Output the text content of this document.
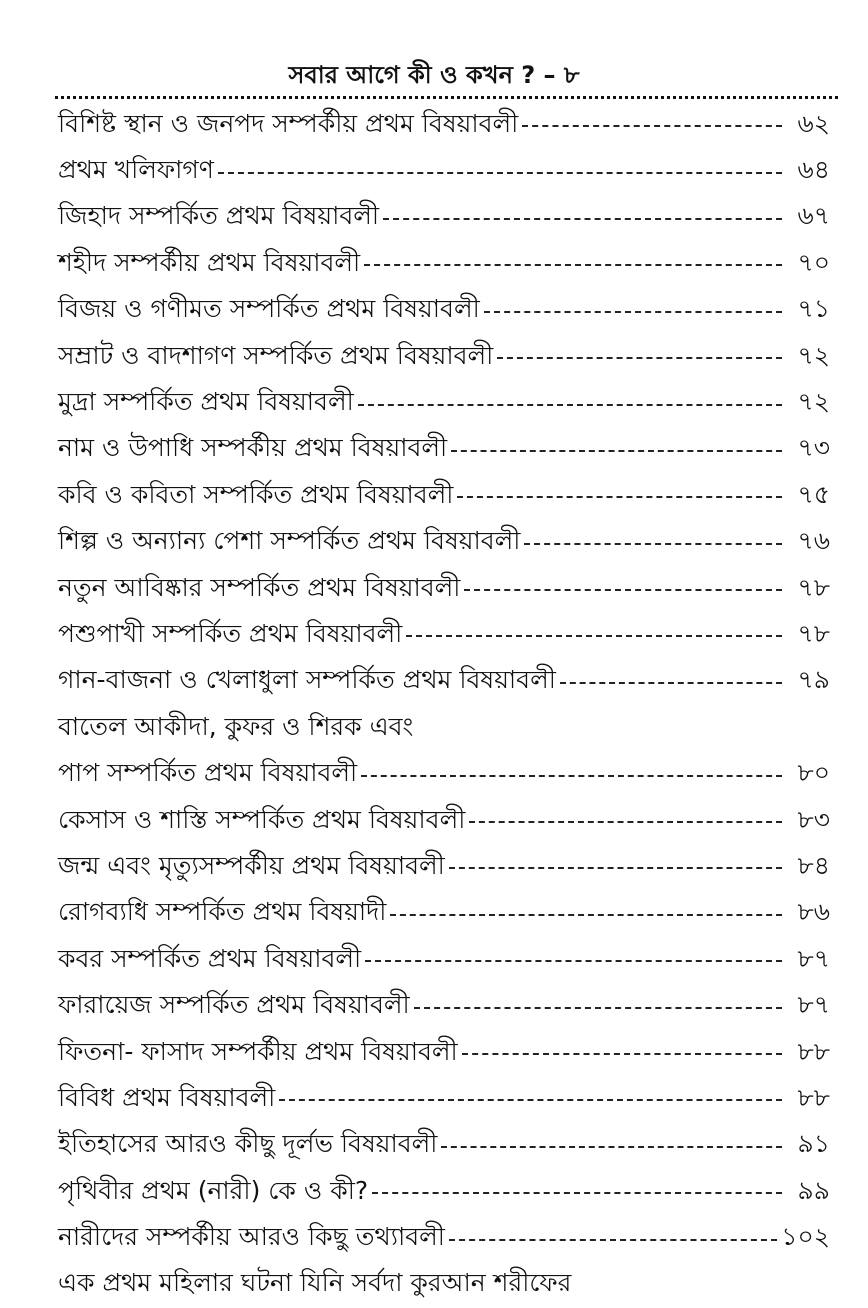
সবার আগে কী ও কখন ? – ৮
বিশিষ্ট স্থান ও জনপদ সম্পর্কীয় প্রথম বিষয়াবলী	৬২
প্রথম খলিফাগণ	৬৪
জিহাদ সম্পর্কিত প্রথম বিষয়াবলী	৬৭
শহীদ সম্পর্কীয় প্রথম বিষয়াবলী	৭০
বিজয় ও গণীমত সম্পর্কিত প্রথম বিষয়াবলী	৭১
সম্রাট ও বাদশাগণ সম্পর্কিত প্রথম বিষয়াবলী	৭২
মুদ্রা সম্পর্কিত প্রথম বিষয়াবলী	৭২
নাম ও উপাধি সম্পর্কীয় প্রথম বিষয়াবলী	৭৩
কবি ও কবিতা সম্পর্কিত প্রথম বিষয়াবলী	৭৫
শিল্প ও অন্যান্য পেশা সম্পর্কিত প্রথম বিষয়াবলী	৭৬
নতুন আবিষ্কার সম্পর্কিত প্রথম বিষয়াবলী	৭৮
পশুপাখী সম্পর্কিত প্রথম বিষয়াবলী	৭৮
গান-বাজনা ও খেলাধুলা সম্পর্কিত প্রথম বিষয়াবলী	৭৯
বাতেল আকীদা, কুফর ও শিরক এবং
পাপ সম্পর্কিত প্রথম বিষয়াবলী	৮০
কেসাস ও শাস্তি সম্পর্কিত প্রথম বিষয়াবলী	৮৩
জন্ম এবং মৃত্যুসম্পর্কীয় প্রথম বিষয়াবলী	৮৪
রোগব্যধি সম্পর্কিত প্রথম বিষয়াদী	৮৬
কবর সম্পর্কিত প্রথম বিষয়াবলী	৮৭
ফারায়েজ সম্পর্কিত প্রথম বিষয়াবলী	৮৭
ফিতনা- ফাসাদ সম্পর্কীয় প্রথম বিষয়াবলী	৮৮
বিবিধ প্রথম বিষয়াবলী	৮৮
ইতিহাসের আরও কীছু দূর্লভ বিষয়াবলী	৯১
পৃথিবীর প্রথম (নারী) কে ও কী?	৯৯
নারীদের সম্পর্কীয় আরও কিছু তথ্যাবলী	১০২
এক প্রথম মহিলার ঘটনা যিনি সর্বদা কুরআন শরীফের
